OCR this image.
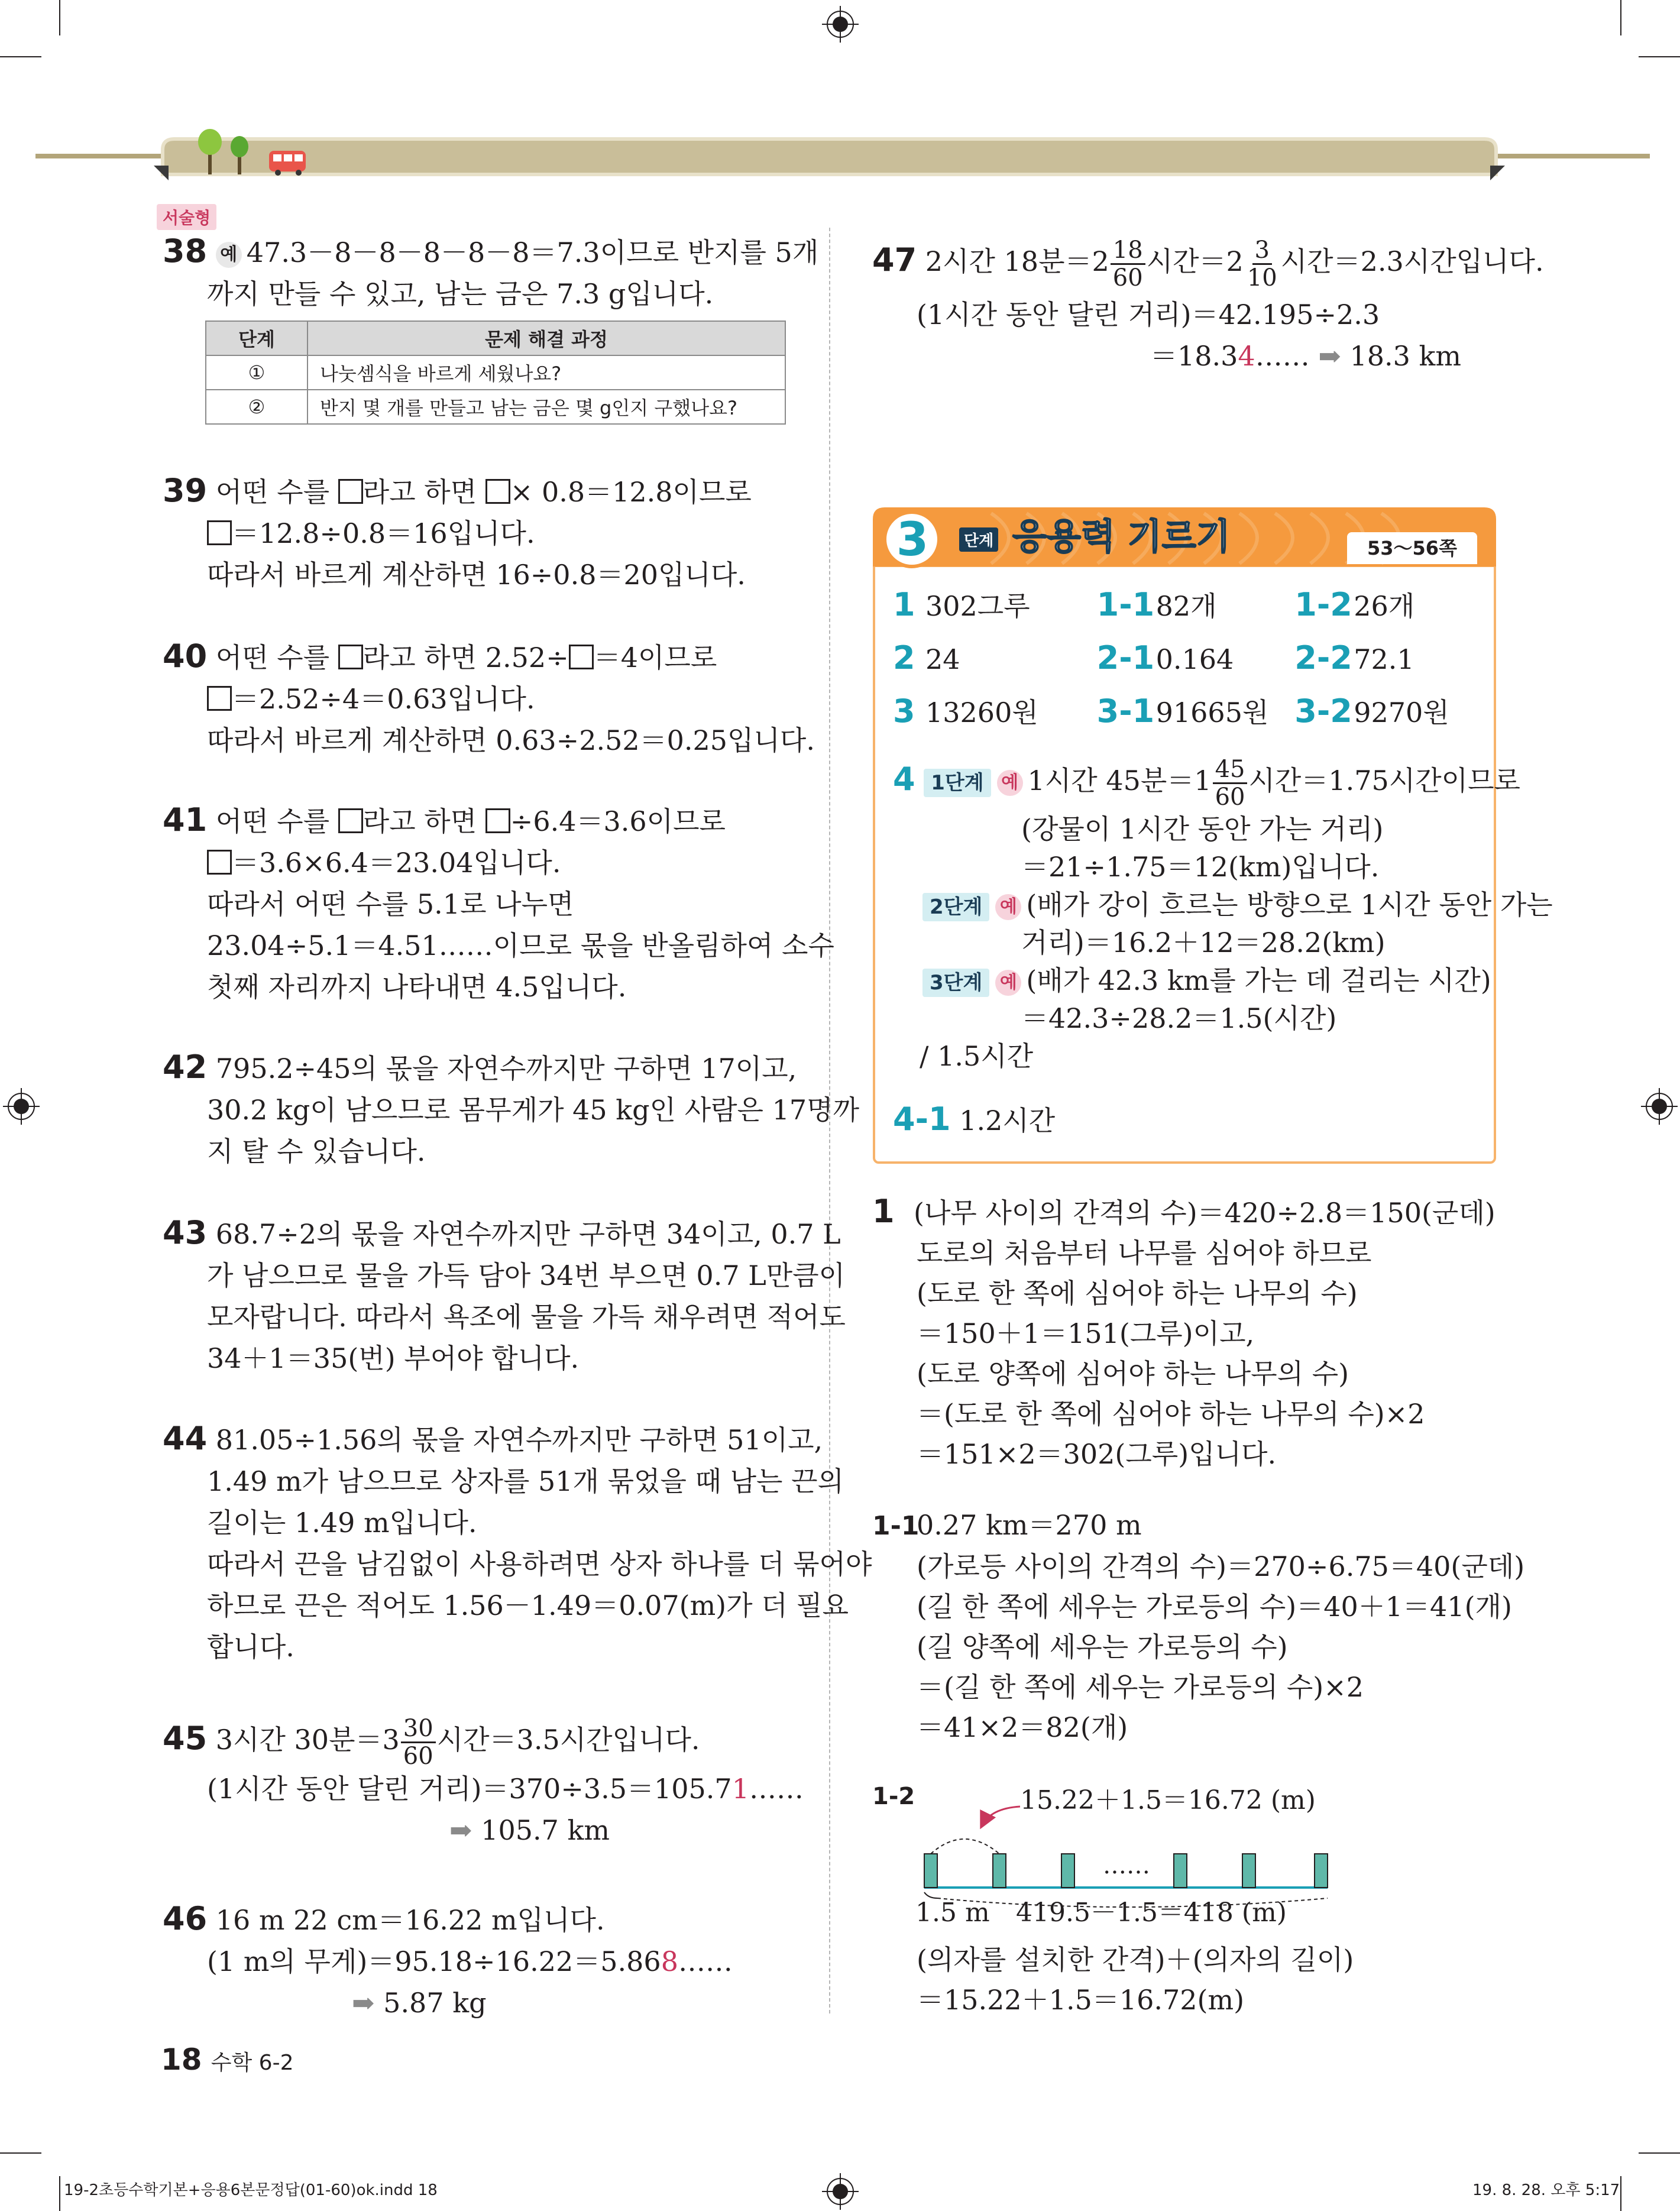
서술형
38 예 47.3－8－8－8－8－8＝7.3이므로 반지를 5개
까지 만들 수 있고, 남는 금은 7.3 g입니다.
단계	문제 해결 과정
①	나눗셈식을 바르게 세웠나요?
②	반지 몇 개를 만들고 남는 금은 몇 g인지 구했나요?
39 어떤 수를 라고 하면 × 0.8＝12.8이므로
＝12.8÷0.8＝16입니다.
따라서 바르게 계산하면 16÷0.8＝20입니다.
40 어떤 수를 라고 하면 2.52÷ ＝4이므로
＝2.52÷4＝0.63입니다.
따라서 바르게 계산하면 0.63÷2.52＝0.25입니다.
41 어떤 수를 라고 하면 ÷6.4＝3.6이므로
＝3.6×6.4＝23.04입니다.
따라서 어떤 수를 5.1로 나누면
23.04÷5.1＝4.51……이므로 몫을 반올림하여 소수
첫째 자리까지 나타내면 4.5입니다.
42 795.2÷45의 몫을 자연수까지만 구하면 17이고,
30.2 kg이 남으므로 몸무게가 45 kg인 사람은 17명까
지 탈 수 있습니다.
43 68.7÷2의 몫을 자연수까지만 구하면 34이고, 0.7 L
가 남으므로 물을 가득 담아 34번 부으면 0.7 L만큼이
모자랍니다. 따라서 욕조에 물을 가득 채우려면 적어도
34＋1＝35(번) 부어야 합니다.
44 81.05÷1.56의 몫을 자연수까지만 구하면 51이고,
1.49 m가 남으므로 상자를 51개 묶었을 때 남는 끈의
길이는 1.49 m입니다.
따라서 끈을 남김없이 사용하려면 상자 하나를 더 묶어야
하므로 끈은 적어도 1.56－1.49＝0.07(m)가 더 필요
합니다.
45 3시간 30분$=3 \frac{30}{60}$ 시간＝3.5시간입니다.
(1시간 동안 달린 거리)＝370÷3.5＝105.71……
➡ 105.7 km
46 16 m 22 cm＝16.22 m입니다.
(1 m의 무게)＝95.18÷16.22＝5.868……
➡ 5.87 kg
47 2시간 18분$=2 \frac{18}{60}$ 시간$=2 \frac{3}{10}$ 시간＝2.3시간입니다.
(1시간 동안 달린 거리)＝42.195÷2.3
＝18.34…… ➡ 18.3 km
3	단계 응용력 기르기	53～56쪽
1 302그루 1-182개 1-226개
2 24	2-10.164 2-272.1
3 13260원 3-191665원 3-29270원
4 1단계 예 1시간 45분$=1 \frac{45}{60}$ 시간＝1.75시간이므로
(강물이 1시간 동안 가는 거리)
＝21÷1.75＝12(km)입니다.
2단계 예 (배가 강이 흐르는 방향으로 1시간 동안 가는
거리)＝16.2＋12＝28.2(km)
3단계 예 (배가 42.3 km를 가는 데 걸리는 시간)
＝42.3÷28.2＝1.5(시간)
/ 1.5시간
4-1 1.2시간
1 (나무 사이의 간격의 수)＝420÷2.8＝150(군데)
도로의 처음부터 나무를 심어야 하므로
(도로 한 쪽에 심어야 하는 나무의 수)
＝150＋1＝151(그루)이고,
(도로 양쪽에 심어야 하는 나무의 수)
＝(도로 한 쪽에 심어야 하는 나무의 수)×2
＝151×2＝302(그루)입니다.
1-10.27 km＝270 m
(가로등 사이의 간격의 수)＝270÷6.75＝40(군데)
(길 한 쪽에 세우는 가로등의 수)＝40＋1＝41(개)
(길 양쪽에 세우는 가로등의 수)
＝(길 한 쪽에 세우는 가로등의 수)×2
＝41×2＝82(개)
1-2	15.22＋1.5＝16.72 (m)
……
1.5 m 419.5－1.5＝418 (m)
(의자를 설치한 간격)＋(의자의 길이)
＝15.22＋1.5＝16.72(m)
18 수학 6-2
19-2초등수학기본+응용6본문정답(01-60)ok.indd 18	19. 8. 28. 오후 5:17
